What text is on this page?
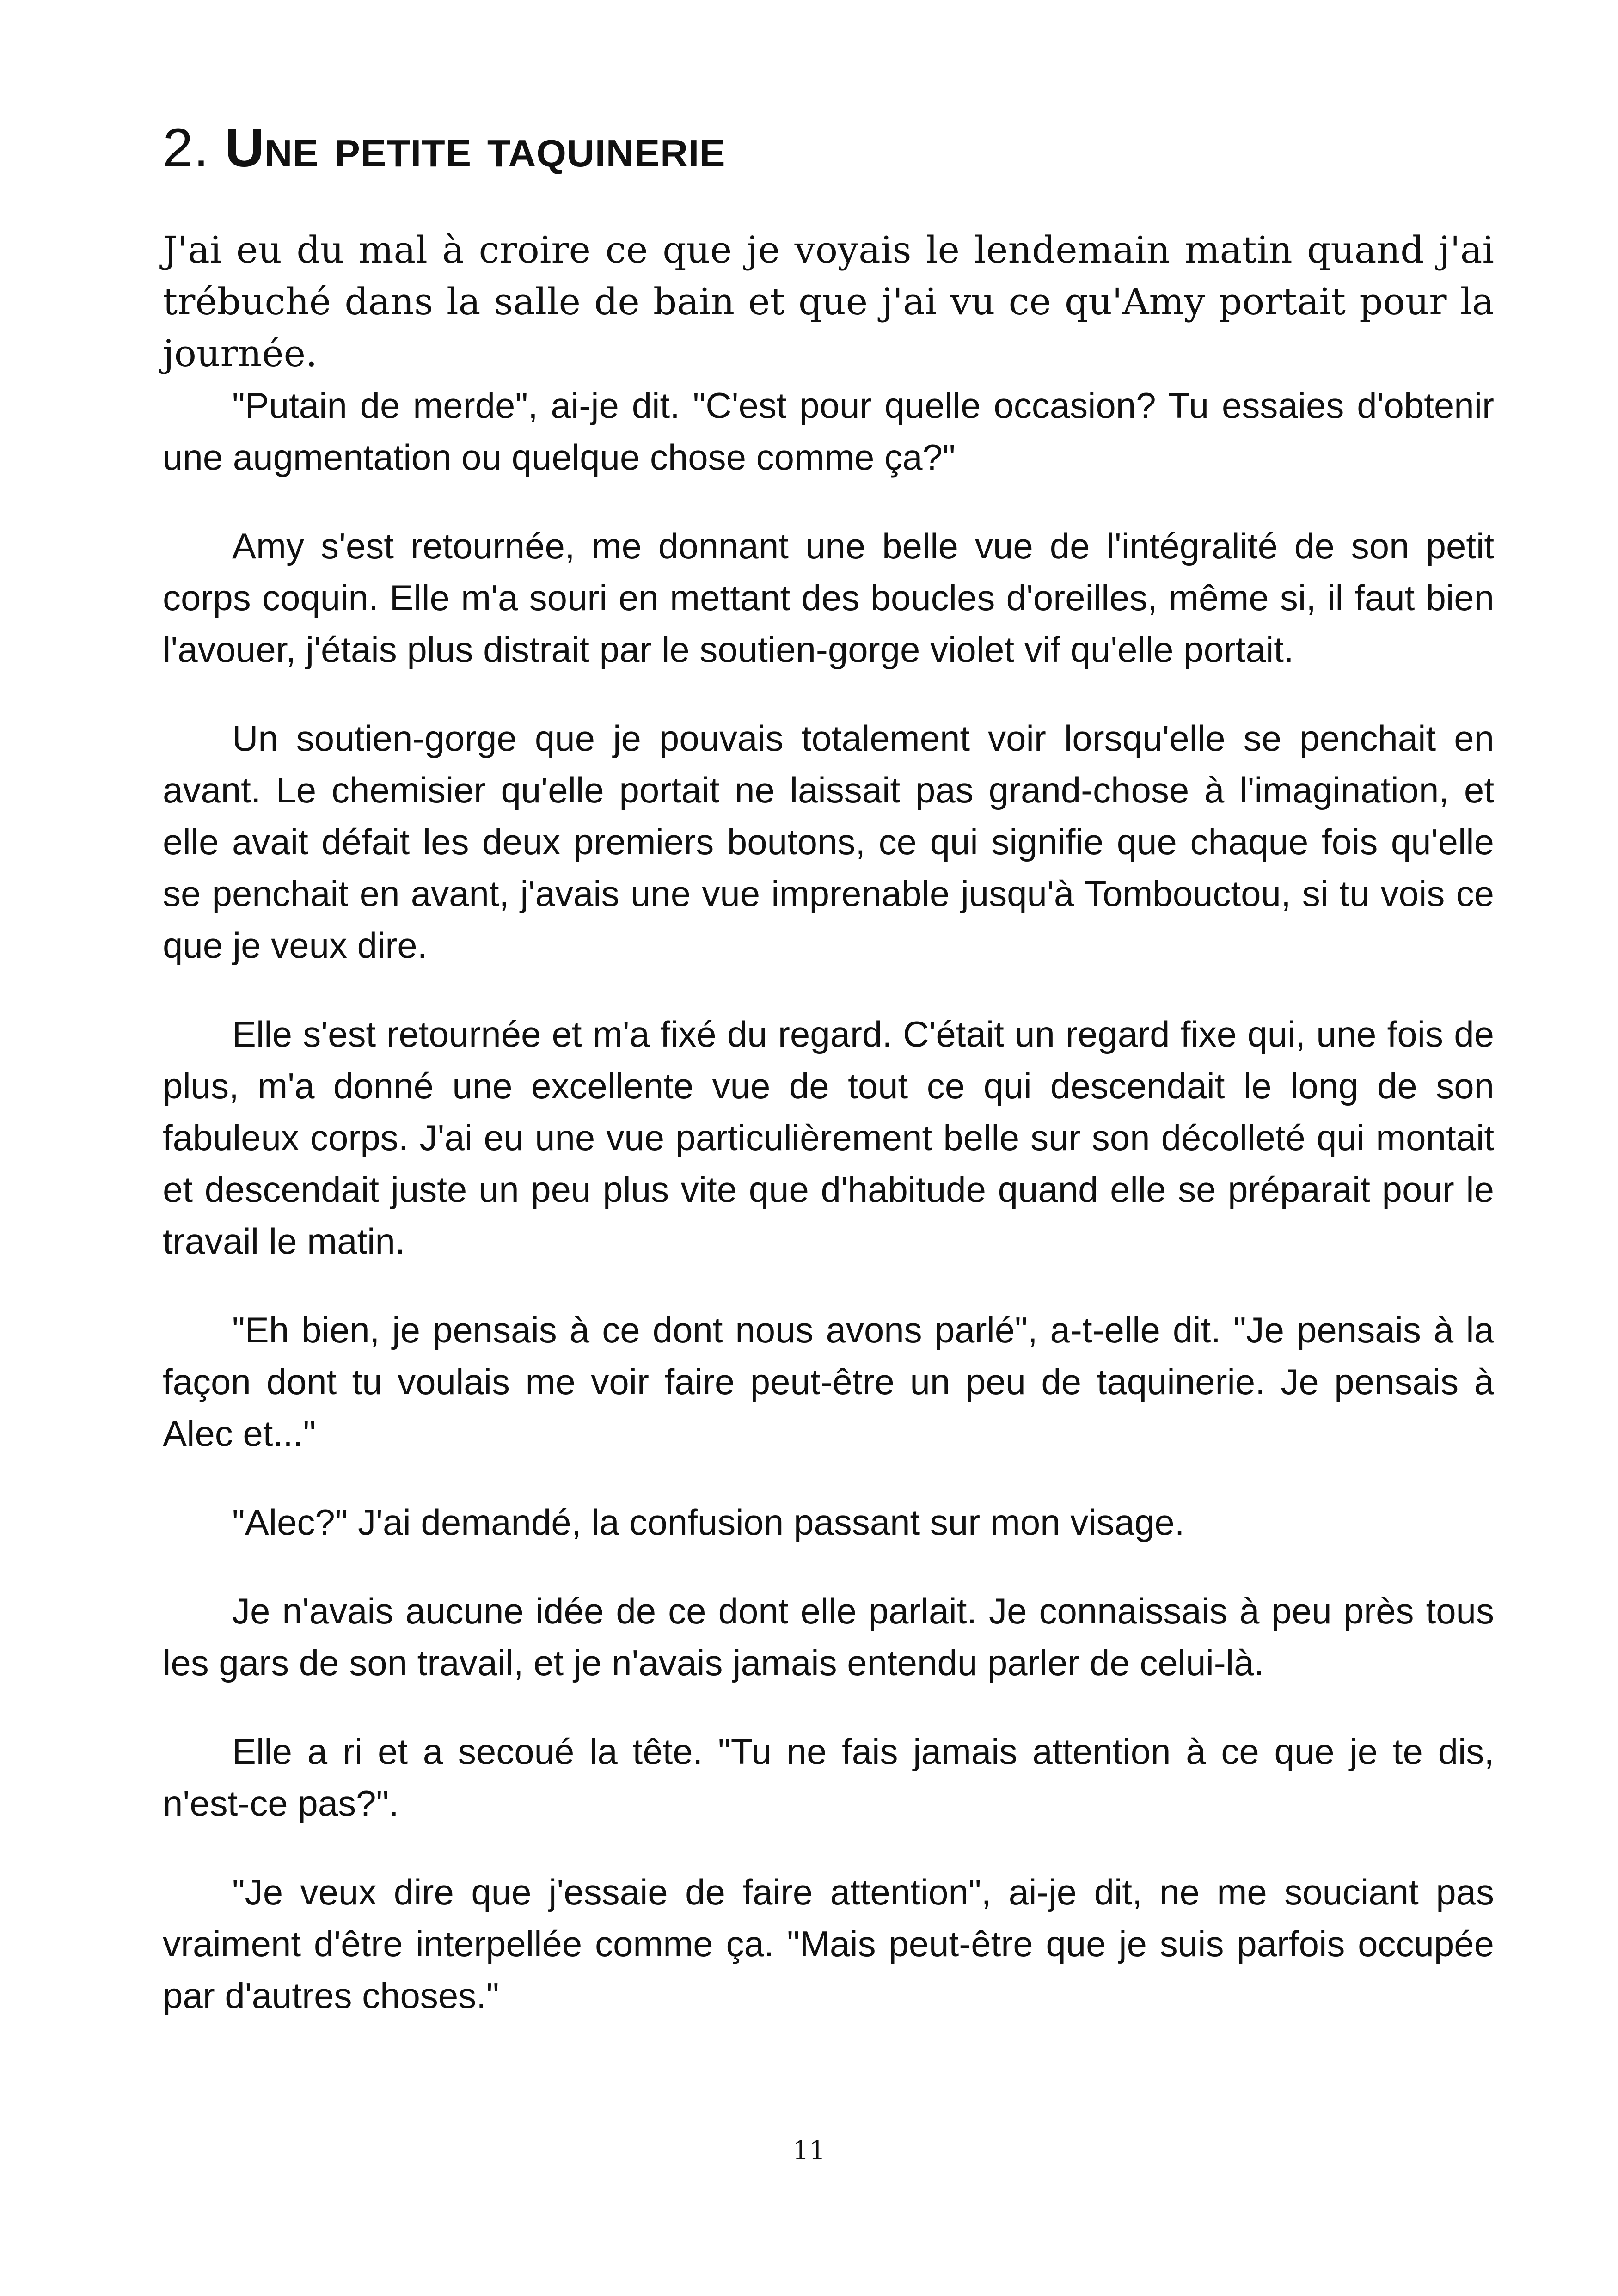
2. Une petite taquinerie

J'ai eu du mal à croire ce que je voyais le lendemain matin quand j'ai trébuché dans la salle de bain et que j'ai vu ce qu'Amy portait pour la journée.

"Putain de merde", ai-je dit. "C'est pour quelle occasion? Tu essaies d'obtenir une augmentation ou quelque chose comme ça?"

Amy s'est retournée, me donnant une belle vue de l'intégralité de son petit corps coquin. Elle m'a souri en mettant des boucles d'oreilles, même si, il faut bien l'avouer, j'étais plus distrait par le soutien-gorge violet vif qu'elle portait.

Un soutien-gorge que je pouvais totalement voir lorsqu'elle se penchait en avant. Le chemisier qu'elle portait ne laissait pas grand-chose à l'imagination, et elle avait défait les deux premiers boutons, ce qui signifie que chaque fois qu'elle se penchait en avant, j'avais une vue imprenable jusqu'à Tombouctou, si tu vois ce que je veux dire.

Elle s'est retournée et m'a fixé du regard. C'était un regard fixe qui, une fois de plus, m'a donné une excellente vue de tout ce qui descendait le long de son fabuleux corps. J'ai eu une vue particulièrement belle sur son décolleté qui montait et descendait juste un peu plus vite que d'habitude quand elle se préparait pour le travail le matin.

"Eh bien, je pensais à ce dont nous avons parlé", a-t-elle dit. "Je pensais à la façon dont tu voulais me voir faire peut-être un peu de taquinerie. Je pensais à Alec et..."

"Alec?" J'ai demandé, la confusion passant sur mon visage.

Je n'avais aucune idée de ce dont elle parlait. Je connaissais à peu près tous les gars de son travail, et je n'avais jamais entendu parler de celui-là.

Elle a ri et a secoué la tête. "Tu ne fais jamais attention à ce que je te dis, n'est-ce pas?".

"Je veux dire que j'essaie de faire attention", ai-je dit, ne me souciant pas vraiment d'être interpellée comme ça. "Mais peut-être que je suis parfois occupée par d'autres choses."

11
